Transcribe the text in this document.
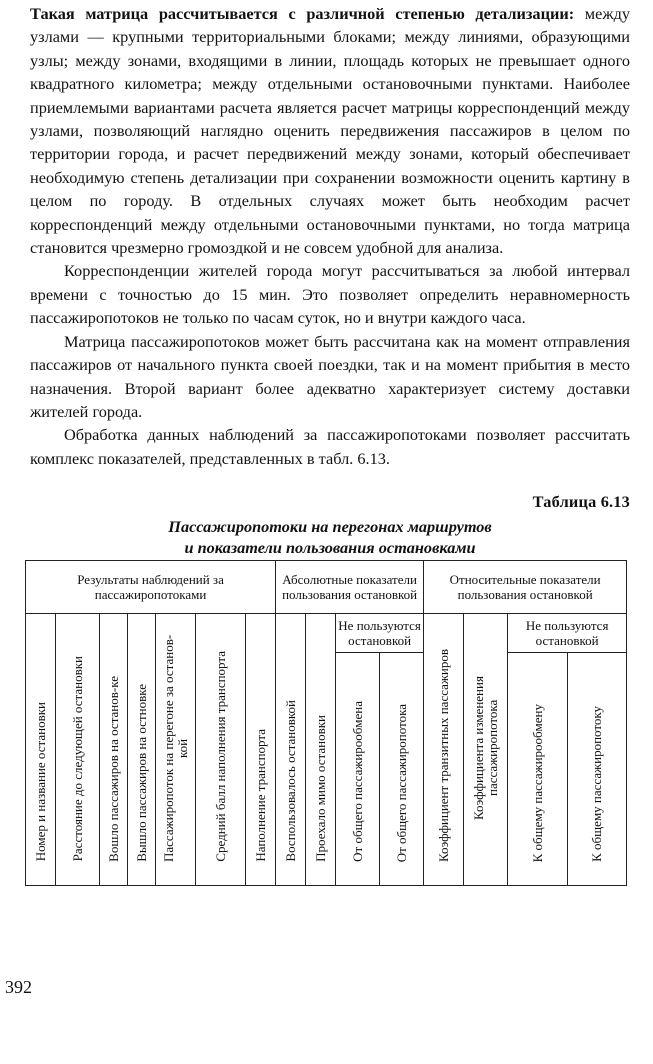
Такая матрица рассчитывается с различной степенью детализации: между узлами — крупными территориальными блоками; между линиями, образующими узлы; между зонами, входящими в линии, площадь которых не превышает одного квадратного километра; между отдельными остановочными пунктами. Наиболее приемлемыми вариантами расчета является расчет матрицы корреспонденций между узлами, позволяющий наглядно оценить передвижения пассажиров в целом по территории города, и расчет передвижений между зонами, который обеспечивает необходимую степень детализации при сохранении возможности оценить картину в целом по городу. В отдельных случаях может быть необходим расчет корреспонденций между отдельными остановочными пунктами, но тогда матрица становится чрезмерно громоздкой и не совсем удобной для анализа.

Корреспонденции жителей города могут рассчитываться за любой интервал времени с точностью до 15 мин. Это позволяет определить неравномерность пассажиропотоков не только по часам суток, но и внутри каждого часа.

Матрица пассажиропотоков может быть рассчитана как на момент отправления пассажиров от начального пункта своей поездки, так и на момент прибытия в место назначения. Второй вариант более адекватно характеризует систему доставки жителей города.

Обработка данных наблюдений за пассажиропотоками позволяет рассчитать комплекс показателей, представленных в табл. 6.13.

Таблица 6.13
Пассажиропотоки на перегонах маршрутов
и показатели пользования остановками
Результаты наблюдений за пассажиропотоками							Абсолютные показатели пользования остановкой				Относительные показатели пользования остановкой			

Номер и название остановки	Расстояние до следующей остановки	Вошло пассажиров на останов-ке	Вышло пассажиров на остновке	Пассажиропоток на перегоне за останов-кой	Средний балл наполнения транспорта	Наполнение транспорта	Воспользовалось остановкой	Проехало мимо остановки	Не пользуются остановкой		Коэффициент транзитных пассажиров	Коэффициента изменения пассажиропотока	Не пользуются остановкой	

									От общего пассажирообмена	От общего пассажиропотока			К общему пассажирообмену	К общему пассажиропотоку
392
